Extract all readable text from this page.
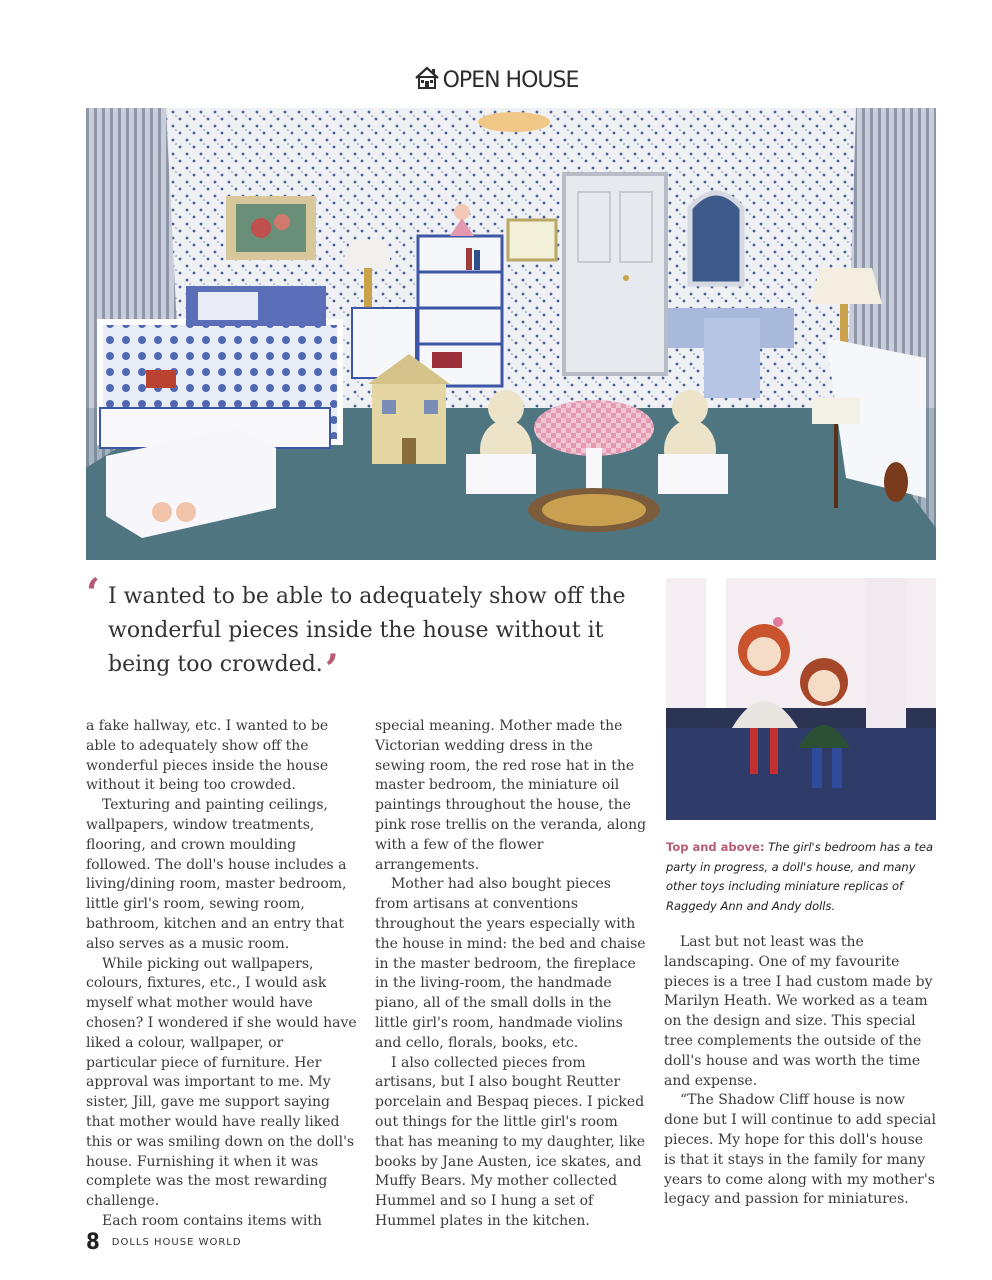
OPEN HOUSE
‘ I wanted to be able to adequately show off the wonderful pieces inside the house without it being too crowded.’

a fake hallway, etc. I wanted to be able to adequately show off the wonderful pieces inside the house without it being too crowded.

Texturing and painting ceilings, wallpapers, window treatments, flooring, and crown moulding followed. The doll's house includes a living/dining room, master bedroom, little girl's room, sewing room, bathroom, kitchen and an entry that also serves as a music room.

While picking out wallpapers, colours, fixtures, etc., I would ask myself what mother would have chosen? I wondered if she would have liked a colour, wallpaper, or particular piece of furniture. Her approval was important to me. My sister, Jill, gave me support saying that mother would have really liked this or was smiling down on the doll's house. Furnishing it when it was complete was the most rewarding challenge.

Each room contains items with

special meaning. Mother made the Victorian wedding dress in the sewing room, the red rose hat in the master bedroom, the miniature oil paintings throughout the house, the pink rose trellis on the veranda, along with a few of the flower arrangements.

Mother had also bought pieces from artisans at conventions throughout the years especially with the house in mind: the bed and chaise in the master bedroom, the fireplace in the living-room, the handmade piano, all of the small dolls in the little girl's room, handmade violins and cello, florals, books, etc.

I also collected pieces from artisans, but I also bought Reutter porcelain and Bespaq pieces. I picked out things for the little girl's room that has meaning to my daughter, like books by Jane Austen, ice skates, and Muffy Bears. My mother collected Hummel and so I hung a set of Hummel plates in the kitchen.

Top and above: The girl's bedroom has a tea party in progress, a doll's house, and many other toys including miniature replicas of Raggedy Ann and Andy dolls.

Last but not least was the landscaping. One of my favourite pieces is a tree I had custom made by Marilyn Heath. We worked as a team on the design and size. This special tree complements the outside of the doll's house and was worth the time and expense.

“The Shadow Cliff house is now done but I will continue to add special pieces. My hope for this doll's house is that it stays in the family for many years to come along with my mother's legacy and passion for miniatures.

8 DOLLS HOUSE WORLD
